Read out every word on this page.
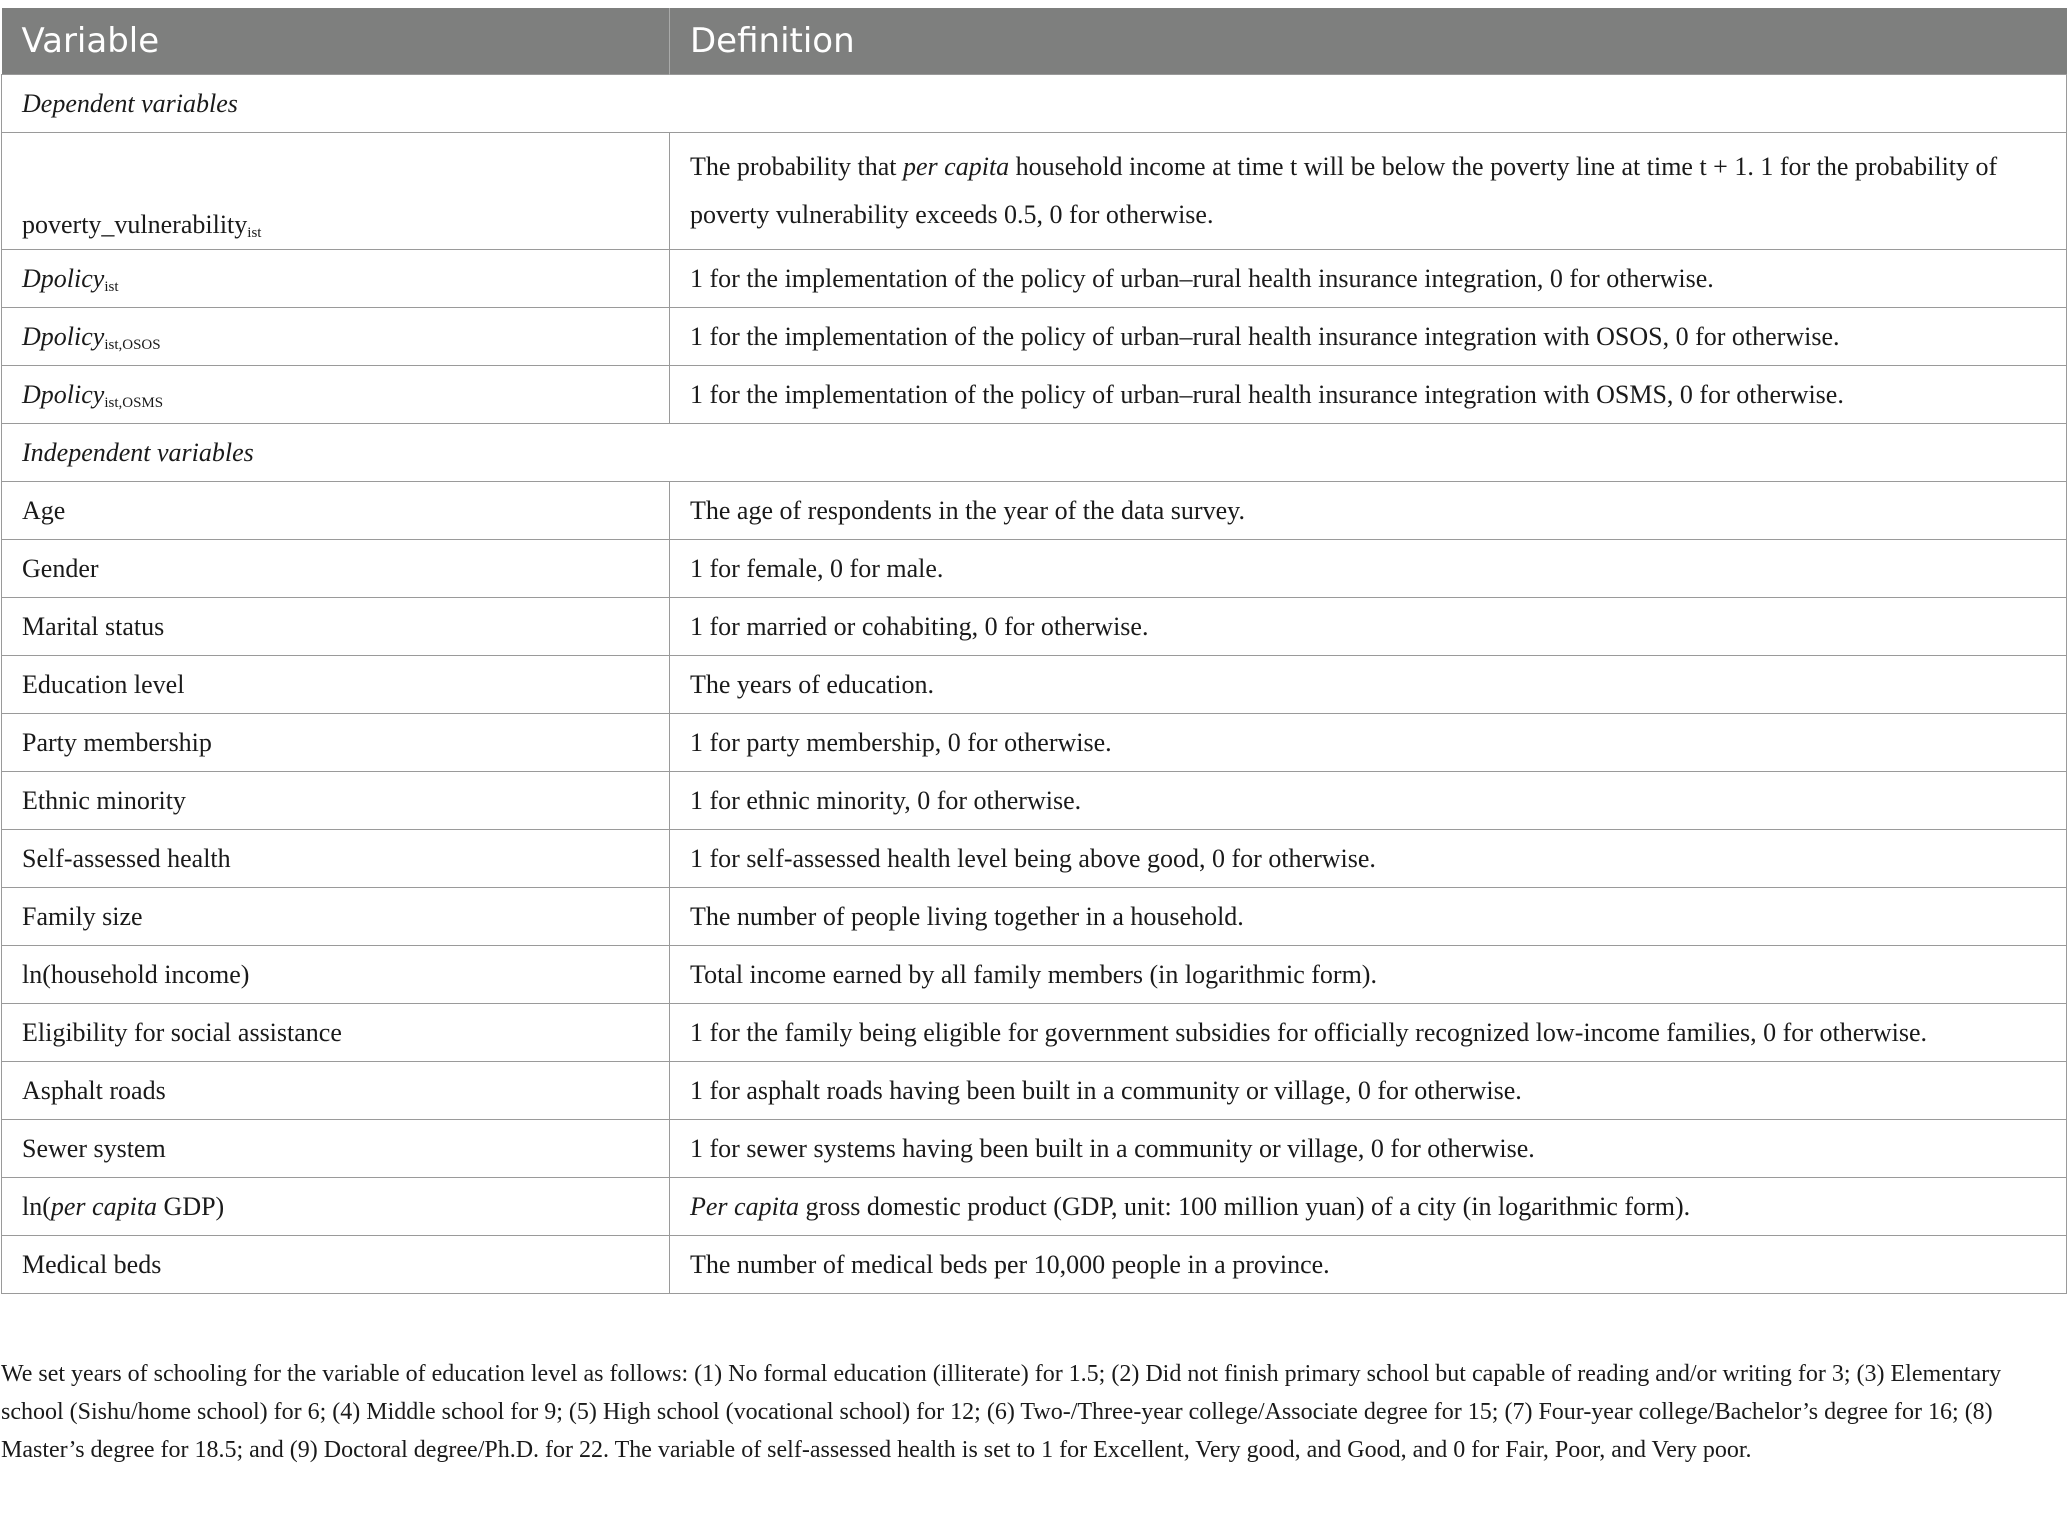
Variable	Definition
Dependent variables	
poverty_vulnerability$_{ist}$	The probability that per capita household income at time t will be below the poverty line at time t + 1. 1 for the probability of poverty vulnerability exceeds 0.5, 0 for otherwise.
Dpolicy$_{ist}$	1 for the implementation of the policy of urban–rural health insurance integration, 0 for otherwise.
Dpolicy$_{ist,OSOS}$	1 for the implementation of the policy of urban–rural health insurance integration with OSOS, 0 for otherwise.
Dpolicy$_{ist,OSMS}$	1 for the implementation of the policy of urban–rural health insurance integration with OSMS, 0 for otherwise.
Independent variables	
Age	The age of respondents in the year of the data survey.
Gender	1 for female, 0 for male.
Marital status	1 for married or cohabiting, 0 for otherwise.
Education level	The years of education.
Party membership	1 for party membership, 0 for otherwise.
Ethnic minority	1 for ethnic minority, 0 for otherwise.
Self-assessed health	1 for self-assessed health level being above good, 0 for otherwise.
Family size	The number of people living together in a household.
ln(household income)	Total income earned by all family members (in logarithmic form).
Eligibility for social assistance	1 for the family being eligible for government subsidies for officially recognized low-income families, 0 for otherwise.
Asphalt roads	1 for asphalt roads having been built in a community or village, 0 for otherwise.
Sewer system	1 for sewer systems having been built in a community or village, 0 for otherwise.
ln(per capita GDP)	Per capita gross domestic product (GDP, unit: 100 million yuan) of a city (in logarithmic form).
Medical beds	The number of medical beds per 10,000 people in a province.
We set years of schooling for the variable of education level as follows: (1) No formal education (illiterate) for 1.5; (2) Did not finish primary school but capable of reading and/or writing for 3; (3) Elementary school (Sishu/home school) for 6; (4) Middle school for 9; (5) High school (vocational school) for 12; (6) Two-/Three-year college/Associate degree for 15; (7) Four-year college/Bachelor’s degree for 16; (8) Master’s degree for 18.5; and (9) Doctoral degree/Ph.D. for 22. The variable of self-assessed health is set to 1 for Excellent, Very good, and Good, and 0 for Fair, Poor, and Very poor.
